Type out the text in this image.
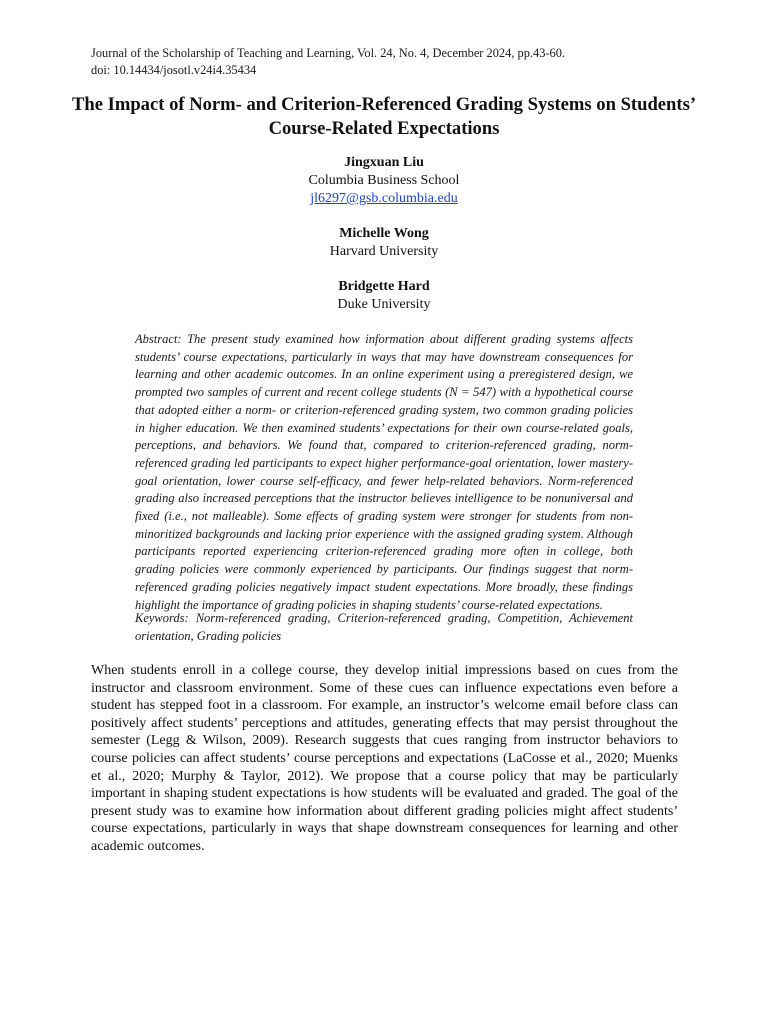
Journal of the Scholarship of Teaching and Learning, Vol. 24, No. 4, December 2024, pp.43-60.
doi: 10.14434/josotl.v24i4.35434
The Impact of Norm- and Criterion-Referenced Grading Systems on Students’ Course-Related Expectations
Jingxuan Liu
Columbia Business School
jl6297@gsb.columbia.edu
Michelle Wong
Harvard University
Bridgette Hard
Duke University
Abstract: The present study examined how information about different grading systems affects students’ course expectations, particularly in ways that may have downstream consequences for learning and other academic outcomes. In an online experiment using a preregistered design, we prompted two samples of current and recent college students (N = 547) with a hypothetical course that adopted either a norm- or criterion-referenced grading system, two common grading policies in higher education. We then examined students’ expectations for their own course-related goals, perceptions, and behaviors. We found that, compared to criterion-referenced grading, norm-referenced grading led participants to expect higher performance-goal orientation, lower mastery-goal orientation, lower course self-efficacy, and fewer help-related behaviors. Norm-referenced grading also increased perceptions that the instructor believes intelligence to be nonuniversal and fixed (i.e., not malleable). Some effects of grading system were stronger for students from non-minoritized backgrounds and lacking prior experience with the assigned grading system. Although participants reported experiencing criterion-referenced grading more often in college, both grading policies were commonly experienced by participants. Our findings suggest that norm-referenced grading policies negatively impact student expectations. More broadly, these findings highlight the importance of grading policies in shaping students’ course-related expectations.
Keywords: Norm-referenced grading, Criterion-referenced grading, Competition, Achievement orientation, Grading policies
When students enroll in a college course, they develop initial impressions based on cues from the instructor and classroom environment. Some of these cues can influence expectations even before a student has stepped foot in a classroom. For example, an instructor’s welcome email before class can positively affect students’ perceptions and attitudes, generating effects that may persist throughout the semester (Legg & Wilson, 2009). Research suggests that cues ranging from instructor behaviors to course policies can affect students’ course perceptions and expectations (LaCosse et al., 2020; Muenks et al., 2020; Murphy & Taylor, 2012). We propose that a course policy that may be particularly important in shaping student expectations is how students will be evaluated and graded. The goal of the present study was to examine how information about different grading policies might affect students’ course expectations, particularly in ways that shape downstream consequences for learning and other academic outcomes.
